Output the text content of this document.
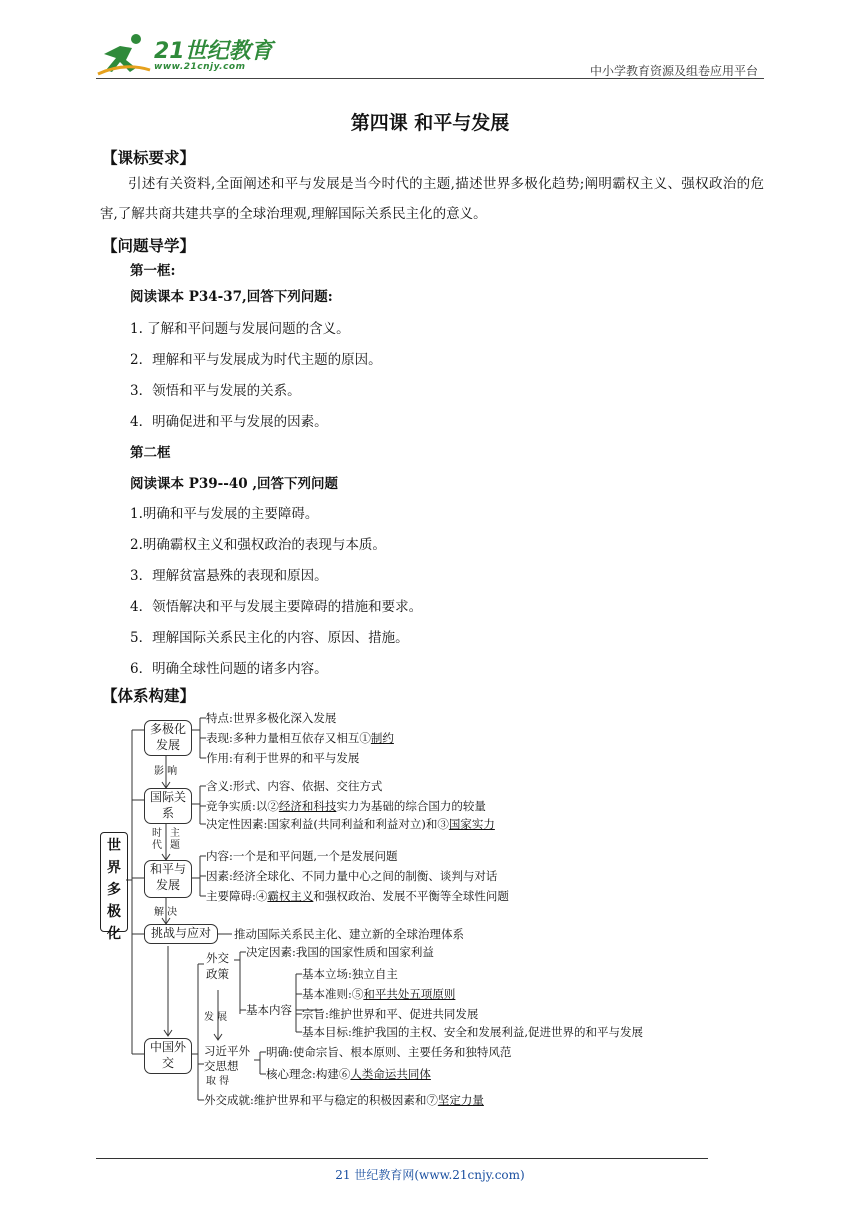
21世纪教育
www.21cnjy.com	中小学教育资源及组卷应用平台
第四课 和平与发展
【课标要求】
引述有关资料,全面阐述和平与发展是当今时代的主题,描述世界多极化趋势;阐明霸权主义、强权政治的危害,了解共商共建共享的全球治理观,理解国际关系民主化的意义。
【问题导学】
第一框:
阅读课本 P34-37,回答下列问题:
1. 了解和平问题与发展问题的含义。
2．理解和平与发展成为时代主题的原因。
3．领悟和平与发展的关系。
4．明确促进和平与发展的因素。
第二框
阅读课本 P39--40 ,回答下列问题
1.明确和平与发展的主要障碍。
2.明确霸权主义和强权政治的表现与本质。
3．理解贫富悬殊的表现和原因。
4．领悟解决和平与发展主要障碍的措施和要求。
5．理解国际关系民主化的内容、原因、措施。
6．明确全球性问题的诸多内容。
【体系构建】
世界多极化
多极化发展
国际关系
和平与发展
挑战与应对
中国外交
特点:世界多极化深入发展
表现:多种力量相互依存又相互①制约
作用:有利于世界的和平与发展
影 响
含义:形式、内容、依据、交往方式
竞争实质:以②经济和科技实力为基础的综合国力的较量
决定性因素:国家利益(共同利益和利益对立)和③国家实力
时代
主题
内容:一个是和平问题,一个是发展问题
因素:经济全球化、不同力量中心之间的制衡、谈判与对话
主要障碍:④霸权主义和强权政治、发展不平衡等全球性问题
解 决
推动国际关系民主化、建立新的全球治理体系
外交政策
决定因素:我国的国家性质和国家利益
基本内容
基本立场:独立自主
基本准则:⑤和平共处五项原则
宗旨:维护世界和平、促进共同发展
基本目标:维护我国的主权、安全和发展利益,促进世界的和平与发展
发 展
习近平外交思想
取 得
明确:使命宗旨、根本原则、主要任务和独特风范
核心理念:构建⑥人类命运共同体
外交成就:维护世界和平与稳定的积极因素和⑦坚定力量
21 世纪教育网(www.21cnjy.com)
